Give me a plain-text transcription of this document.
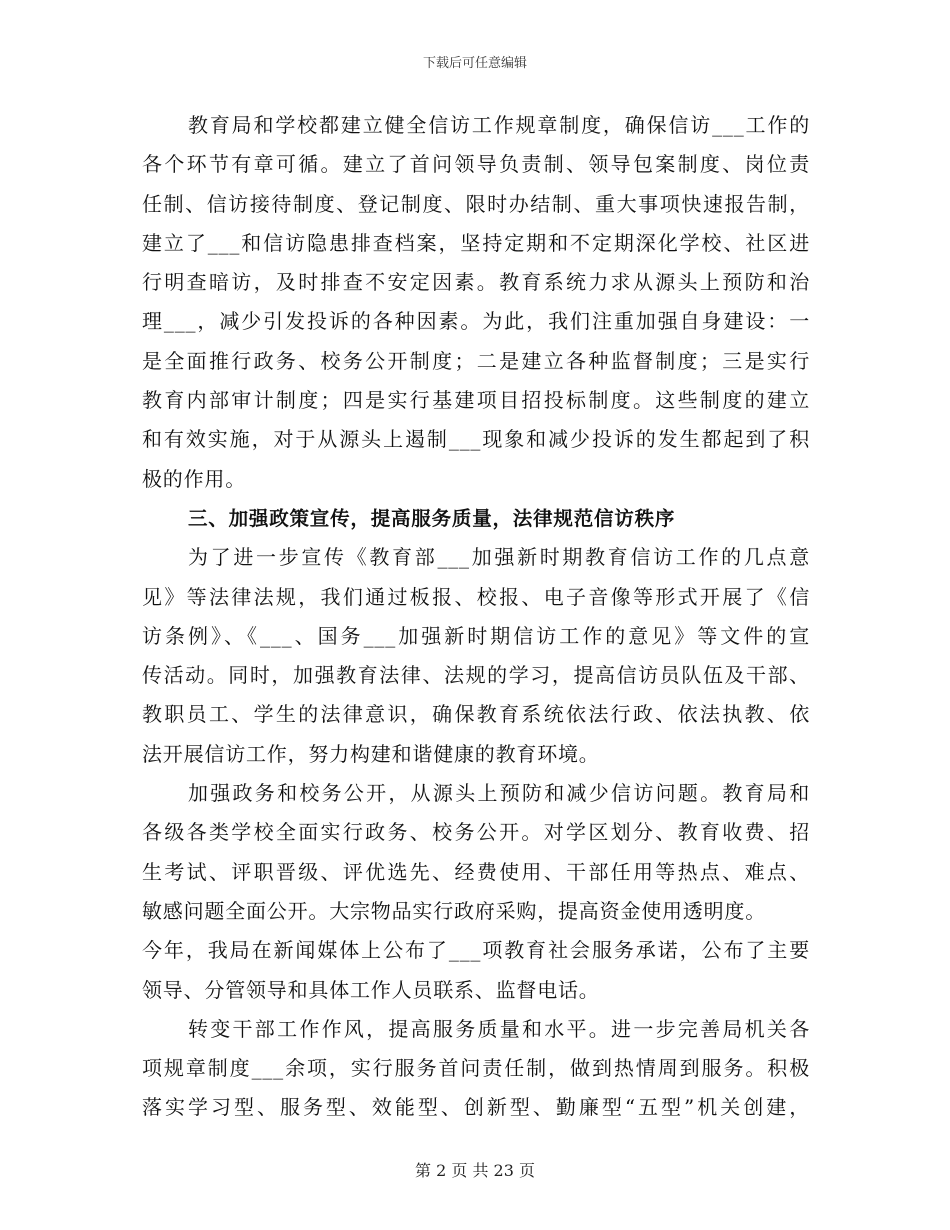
下载后可任意编辑
教育局和学校都建立健全信访工作规章制度，确保信访___工作的
各个环节有章可循。建立了首问领导负责制、领导包案制度、岗位责
任制、信访接待制度、登记制度、限时办结制、重大事项快速报告制，
建立了___和信访隐患排查档案，坚持定期和不定期深化学校、社区进
行明查暗访，及时排查不安定因素。教育系统力求从源头上预防和治
理___，减少引发投诉的各种因素。为此，我们注重加强自身建设：一
是全面推行政务、校务公开制度；二是建立各种监督制度；三是实行
教育内部审计制度；四是实行基建项目招投标制度。这些制度的建立
和有效实施，对于从源头上遏制___现象和减少投诉的发生都起到了积
极的作用。
三、加强政策宣传，提高服务质量，法律规范信访秩序
为了进一步宣传《教育部___加强新时期教育信访工作的几点意
见》等法律法规，我们通过板报、校报、电子音像等形式开展了《信
访条例》、《___、国务___加强新时期信访工作的意见》等文件的宣
传活动。同时，加强教育法律、法规的学习，提高信访员队伍及干部、
教职员工、学生的法律意识，确保教育系统依法行政、依法执教、依
法开展信访工作，努力构建和谐健康的教育环境。
加强政务和校务公开，从源头上预防和减少信访问题。教育局和
各级各类学校全面实行政务、校务公开。对学区划分、教育收费、招
生考试、评职晋级、评优选先、经费使用、干部任用等热点、难点、
敏感问题全面公开。大宗物品实行政府采购，提高资金使用透明度。
今年，我局在新闻媒体上公布了___项教育社会服务承诺，公布了主要
领导、分管领导和具体工作人员联系、监督电话。
转变干部工作作风，提高服务质量和水平。进一步完善局机关各
项规章制度___余项，实行服务首问责任制，做到热情周到服务。积极
落实学习型、服务型、效能型、创新型、勤廉型“五型”机关创建，
第 2 页 共 23 页
